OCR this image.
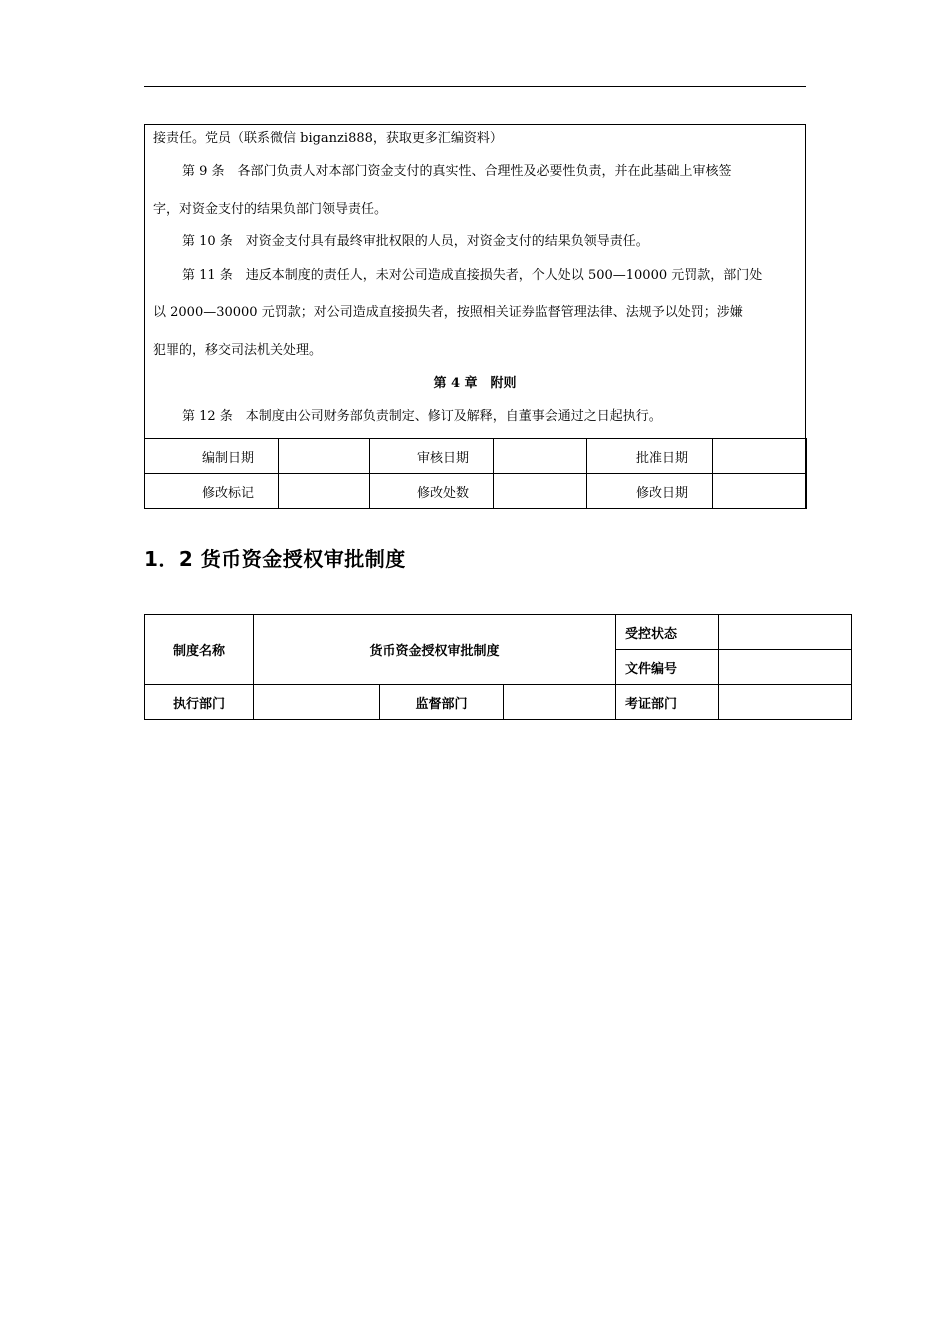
接责任。党员（联系微信 biganzi888，获取更多汇编资料）
第 9 条　各部门负责人对本部门资金支付的真实性、合理性及必要性负责，并在此基础上审核签
字，对资金支付的结果负部门领导责任。
第 10 条　对资金支付具有最终审批权限的人员，对资金支付的结果负领导责任。
第 11 条　违反本制度的责任人，未对公司造成直接损失者，个人处以 500—10000 元罚款，部门处
以 2000—30000 元罚款；对公司造成直接损失者，按照相关证券监督管理法律、法规予以处罚；涉嫌
犯罪的，移交司法机关处理。
第 4 章　附则
第 12 条　本制度由公司财务部负责制定、修订及解释，自董事会通过之日起执行。
编制日期		审核日期		批准日期	
修改标记		修改处数		修改日期	
1．2 货币资金授权审批制度
制度名称	货币资金授权审批制度			受控状态	
				文件编号	
执行部门		监督部门		考证部门	
